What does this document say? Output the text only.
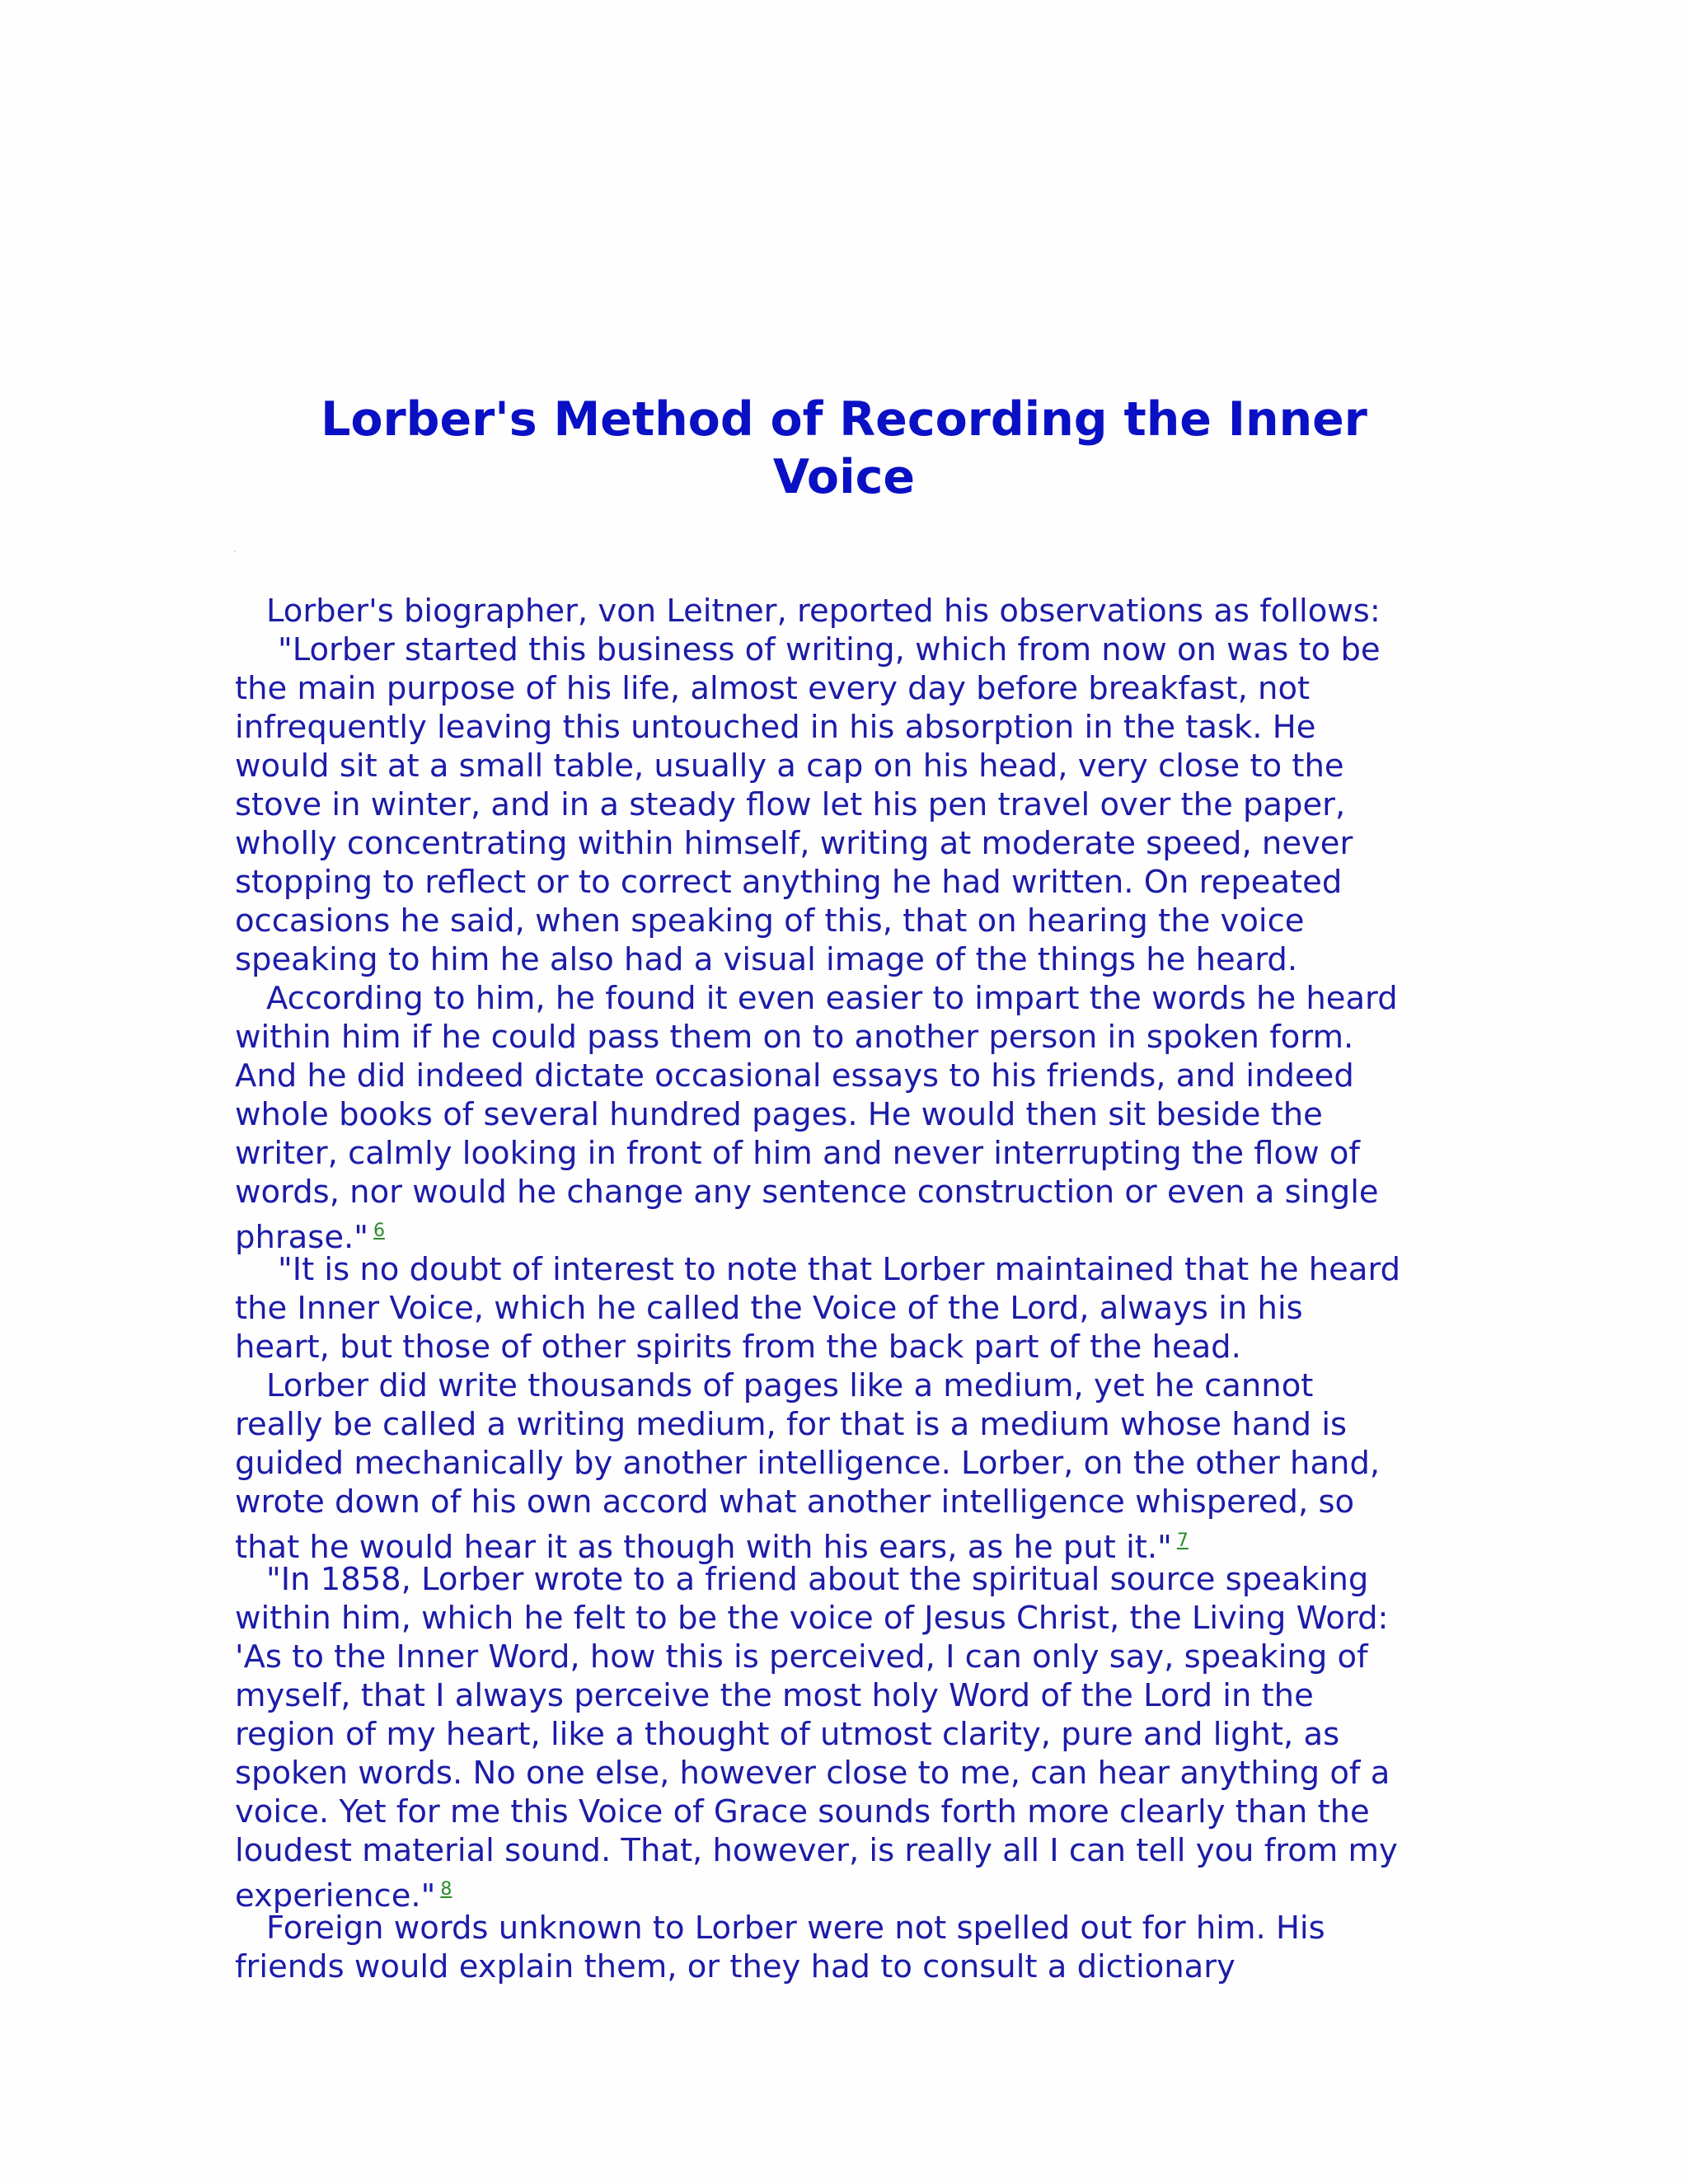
Lorber's Method of Recording the Inner
Voice
Lorber's biographer, von Leitner, reported his observations as follows:
"Lorber started this business of writing, which from now on was to be
the main purpose of his life, almost every day before breakfast, not
infrequently leaving this untouched in his absorption in the task. He
would sit at a small table, usually a cap on his head, very close to the
stove in winter, and in a steady flow let his pen travel over the paper,
wholly concentrating within himself, writing at moderate speed, never
stopping to reflect or to correct anything he had written. On repeated
occasions he said, when speaking of this, that on hearing the voice
speaking to him he also had a visual image of the things he heard.
According to him, he found it even easier to impart the words he heard
within him if he could pass them on to another person in spoken form.
And he did indeed dictate occasional essays to his friends, and indeed
whole books of several hundred pages. He would then sit beside the
writer, calmly looking in front of him and never interrupting the flow of
words, nor would he change any sentence construction or even a single
phrase." $^6$
"It is no doubt of interest to note that Lorber maintained that he heard
the Inner Voice, which he called the Voice of the Lord, always in his
heart, but those of other spirits from the back part of the head.
Lorber did write thousands of pages like a medium, yet he cannot
really be called a writing medium, for that is a medium whose hand is
guided mechanically by another intelligence. Lorber, on the other hand,
wrote down of his own accord what another intelligence whispered, so
that he would hear it as though with his ears, as he put it." $^7$
"In 1858, Lorber wrote to a friend about the spiritual source speaking
within him, which he felt to be the voice of Jesus Christ, the Living Word:
'As to the Inner Word, how this is perceived, I can only say, speaking of
myself, that I always perceive the most holy Word of the Lord in the
region of my heart, like a thought of utmost clarity, pure and light, as
spoken words. No one else, however close to me, can hear anything of a
voice. Yet for me this Voice of Grace sounds forth more clearly than the
loudest material sound. That, however, is really all I can tell you from my
experience." $^8$
Foreign words unknown to Lorber were not spelled out for him. His
friends would explain them, or they had to consult a dictionary
